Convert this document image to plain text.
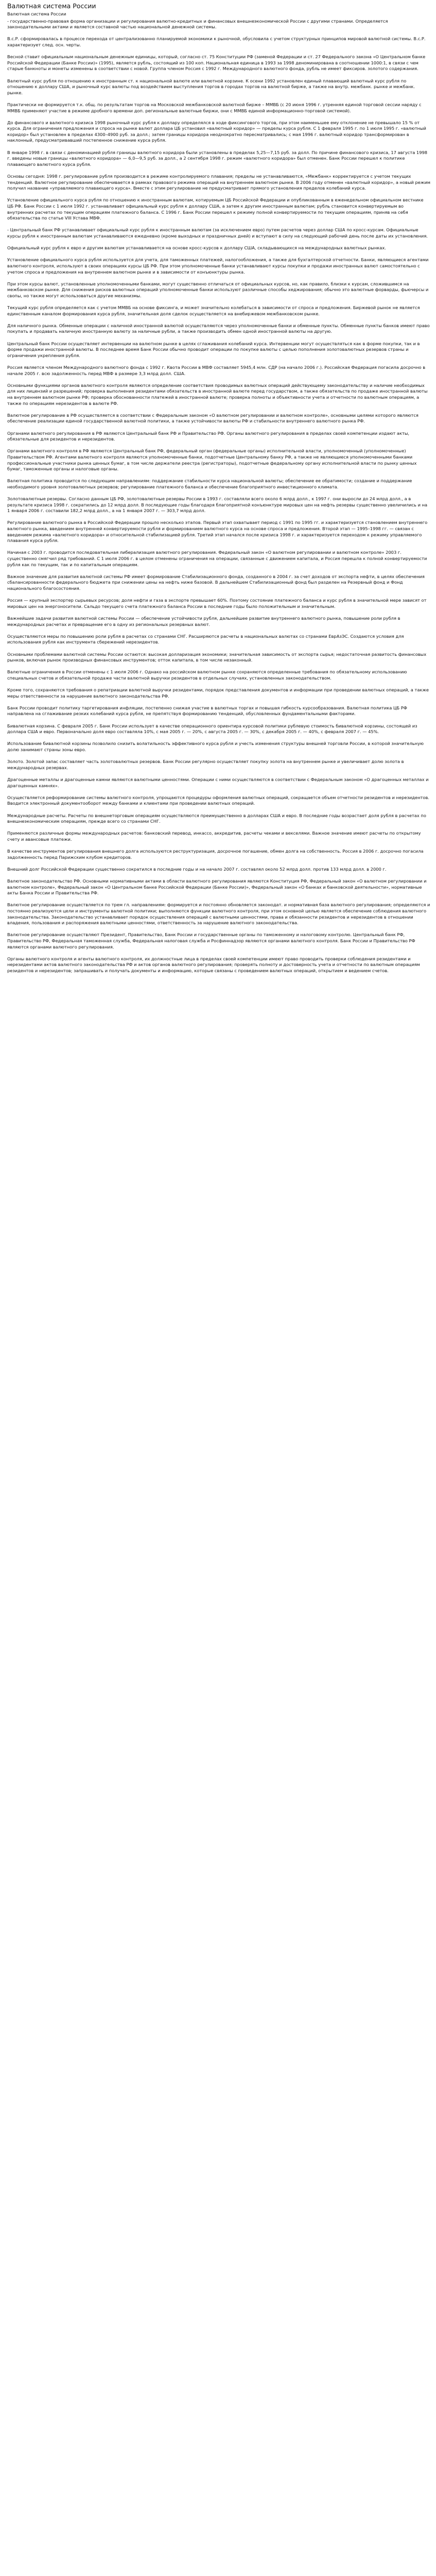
Валютная система России
Валютная система России
- государственно-правовая форма организации и регулирования валютно-кредитных и финансовых внешнеэкономической России с другими странами. Определяется законодательными актами и является составной частью национальной денежной системы.
В.с.Р. сформировалась в процессе перехода от централизованно планируемой экономики к рыночной, обусловила с учетом структурных принципов мировой валютной системы. В.с.Р. характеризует след. осн. черты.
Весной ставит официальным национальным денежным единицы, который, согласно ст. 75 Конституции РФ (заменой Федерации и ст. 27 Федерального закона «О Центральном банке Российской Федерации (Банке России)» (1995), является рубль, состоящий из 100 коп. Национальная единица в 1993 за 1998 деноминирована в соотношении 1000:1, в связи с чем старые банкноты и монеты изменены в соответствии с новой. Группа членом Россия с 1992 г. Международного валютного фонда, рубль не имеет фиксиров. золотого содержания.
Валютный курс рубля по отношению к иностранным ст. к национальной валюте или валютной корзине. К осени 1992 установлен единый плавающий валютный курс рубля по отношению к доллару США, и рыночный курс валюты под воздействием выступления торгов в городах торгов на валютной бирже, а также на внутр. межбанк. рынке и межбанк. рынке.
Практически не формируется т.к. общ. по результатам торгов на Московской межбанковской валютной бирже – ММВБ (с 20 июня 1996 г. утренняя единой торговой сессии наряду с ММВБ применяют участие в режиме дробного времени доп. региональные валютные биржи, они с ММВБ единой информационно-торговой системой).
До финансового и валютного кризиса 1998 рыночный курс рубля к доллару определялся в ходе фиксингового торгов, при этом наименьшее ему отклонение не превышало 15 % от курса. Для ограничения предложения и спроса на рынке валют доллара ЦБ установил «валютный коридор» — пределы курса рубля. С 1 февраля 1995 г. по 1 июля 1995 г. «валютный коридор» был установлен в пределах 4300–4900 руб. за долл.; затем границы коридора неоднократно пересматривались; с мая 1996 г. валютный коридор трансформирован в наклонный, предусматривавший постепенное снижение курса рубля.
В январе 1998 г. в связи с деноминацией рубля границы валютного коридора были установлены в пределах 5,25—7,15 руб. за долл. По причине финансового кризиса, 17 августа 1998 г. введены новые границы «валютного коридора» — 6,0—9,5 руб. за долл., а 2 сентября 1998 г. режим «валютного коридора» был отменен. Банк России перешел к политике плавающего валютного курса рубля.
Основы сегодня: 1998 г. регулирование рубля производится в режиме контролируемого плавания; пределы не устанавливаются, «Межбанк» корректируется с учетом текущих тенденций. Валютное регулирование обеспечивается в рамках правового режима операций на внутреннем валютном рынке. В 2006 году отменен «валютный коридор», а новый режим получил название «управляемого плавающего курса». Вместе с этим регулирование не предусматривает прямого установления пределов колебаний курса.
Установление официального курса рубля по отношению к иностранным валютам, котируемым ЦБ Российской Федерации и опубликованным в еженедельном официальном вестнике ЦБ РФ. Банк России с 1 июля 1992 г. устанавливает официальный курс рубля к доллару США, а затем к другим иностранным валютам; рубль становится конвертируемым во внутренних расчетах по текущим операциям платежного баланса. С 1996 г. Банк России перешел к режиму полной конвертируемости по текущим операциям, приняв на себя обязательства по статье VIII Устава МВФ.
- Центральный банк РФ устанавливает официальный курс рубля к иностранным валютам (за исключением евро) путем расчетов через доллар США по кросс-курсам. Официальные курсы рубля к иностранным валютам устанавливаются ежедневно (кроме выходных и праздничных дней) и вступают в силу на следующий рабочий день после даты их установления.
Официальный курс рубля к евро и другим валютам устанавливается на основе кросс-курсов к доллару США, складывающихся на международных валютных рынках.
Установление официального курса рубля используется для учета, для таможенных платежей, налогообложения, а также для бухгалтерской отчетности. Банки, являющиеся агентами валютного контроля, используют в своих операциях курсы ЦБ РФ. При этом уполномоченные банки устанавливают курсы покупки и продажи иностранных валют самостоятельно с учетом спроса и предложения на внутреннем валютном рынке и в зависимости от конъюнктуры рынка.
При этом курсы валют, установленные уполномоченными банками, могут существенно отличаться от официальных курсов, но, как правило, близки к курсам, сложившимся на межбанковском рынке. Для снижения рисков валютных операций уполномоченные банки используют различные способы хеджирования; обычно это валютные форварды, фьючерсы и свопы, но также могут использоваться другие механизмы.
Текущий курс рубля определяется как с учетом ММВБ на основе фиксинга, и может значительно колебаться в зависимости от спроса и предложения. Биржевой рынок не является единственным каналом формирования курса рубля, значительная доля сделок осуществляется на внебиржевом межбанковском рынке.
Для наличного рынка. Обменные операции с наличной иностранной валютой осуществляются через уполномоченные банки и обменные пункты. Обменные пункты банков имеют право покупать и продавать наличную иностранную валюту за наличные рубли, а также производить обмен одной иностранной валюты на другую.
Центральный банк России осуществляет интервенции на валютном рынке в целях сглаживания колебаний курса. Интервенции могут осуществляться как в форме покупки, так и в форме продажи иностранной валюты. В последнее время Банк России обычно проводит операции по покупке валюты с целью пополнения золотовалютных резервов страны и ограничения укрепления рубля.
Россия является членом Международного валютного фонда с 1992 г. Квота России в МВФ составляет 5945,4 млн. СДР (на начало 2006 г.). Российская Федерация погасила досрочно в начале 2005 г. всю задолженность перед МВФ в размере 3,3 млрд долл. США.
Основными функциями органов валютного контроля являются определение соответствия проводимых валютных операций действующему законодательству и наличие необходимых для них лицензий и разрешений; проверка выполнения резидентами обязательств в иностранной валюте перед государством, а также обязательств по продаже иностранной валюты на внутреннем валютном рынке РФ; проверка обоснованности платежей в иностранной валюте; проверка полноты и объективности учета и отчетности по валютным операциям, а также по операциям нерезидентов в валюте РФ.
Валютное регулирование в РФ осуществляется в соответствии с Федеральным законом «О валютном регулировании и валютном контроле», основными целями которого являются обеспечение реализации единой государственной валютной политики, а также устойчивости валюты РФ и стабильности внутреннего валютного рынка РФ.
Органами валютного регулирования в РФ являются Центральный банк РФ и Правительство РФ. Органы валютного регулирования в пределах своей компетенции издают акты, обязательные для резидентов и нерезидентов.
Органами валютного контроля в РФ являются Центральный банк РФ, федеральный орган (федеральные органы) исполнительной власти, уполномоченный (уполномоченные) Правительством РФ. Агентами валютного контроля являются уполномоченные банки, подотчетные Центральному банку РФ, а также не являющиеся уполномоченными банками профессиональные участники рынка ценных бумаг, в том числе держатели реестра (регистраторы), подотчетные федеральному органу исполнительной власти по рынку ценных бумаг, таможенные органы и налоговые органы.
Валютная политика проводится по следующим направлениям: поддержание стабильности курса национальной валюты; обеспечение ее обратимости; создание и поддержание необходимого уровня золотовалютных резервов; регулирование платежного баланса и обеспечение благоприятного инвестиционного климата.
Золотовалютные резервы. Согласно данным ЦБ РФ, золотовалютные резервы России в 1993 г. составляли всего около 6 млрд долл., к 1997 г. они выросли до 24 млрд долл., а в результате кризиса 1998 г. сократились до 12 млрд долл. В последующие годы благодаря благоприятной конъюнктуре мировых цен на нефть резервы существенно увеличились и на 1 января 2006 г. составили 182,2 млрд долл., а на 1 января 2007 г. — 303,7 млрд долл.
Регулирование валютного рынка в Российской Федерации прошло несколько этапов. Первый этап охватывает период с 1991 по 1995 гг. и характеризуется становлением внутреннего валютного рынка, введением внутренней конвертируемости рубля и формированием валютного курса на основе спроса и предложения. Второй этап — 1995–1998 гг. — связан с введением режима «валютного коридора» и относительной стабилизацией рубля. Третий этап начался после кризиса 1998 г. и характеризуется переходом к режиму управляемого плавания курса рубля.
Начиная с 2003 г. проводится последовательная либерализация валютного регулирования. Федеральный закон «О валютном регулировании и валютном контроле» 2003 г. существенно смягчил ряд требований. С 1 июля 2006 г. в целом отменены ограничения на операции, связанные с движением капитала, и Россия перешла к полной конвертируемости рубля как по текущим, так и по капитальным операциям.
Важное значение для развития валютной системы РФ имеет формирование Стабилизационного фонда, созданного в 2004 г. за счет доходов от экспорта нефти, в целях обеспечения сбалансированности федерального бюджета при снижении цены на нефть ниже базовой. В дальнейшем Стабилизационный фонд был разделен на Резервный фонд и Фонд национального благосостояния.
Россия — крупный экспортер сырьевых ресурсов; доля нефти и газа в экспорте превышает 60%. Поэтому состояние платежного баланса и курс рубля в значительной мере зависят от мировых цен на энергоносители. Сальдо текущего счета платежного баланса России в последние годы было положительным и значительным.
Важнейшие задачи развития валютной системы России — обеспечение устойчивости рубля, дальнейшее развитие внутреннего валютного рынка, повышение роли рубля в международных расчетах и превращение его в одну из региональных резервных валют.
Осуществляются меры по повышению роли рубля в расчетах со странами СНГ. Расширяются расчеты в национальных валютах со странами ЕврАзЭС. Создаются условия для использования рубля как инструмента сбережений нерезидентов.
Основными проблемами валютной системы России остаются: высокая долларизация экономики; значительная зависимость от экспорта сырья; недостаточная развитость финансовых рынков, включая рынок производных финансовых инструментов; отток капитала, в том числе незаконный.
Валютные ограничения в России отменены с 1 июля 2006 г. Однако на российском валютном рынке сохраняются определенные требования по обязательному использованию специальных счетов и обязательной продаже части валютной выручки резидентов в отдельных случаях, установленных законодательством.
Кроме того, сохраняются требования о репатриации валютной выручки резидентами, порядок представления документов и информации при проведении валютных операций, а также меры ответственности за нарушение валютного законодательства РФ.
Банк России проводит политику таргетирования инфляции, постепенно снижая участие в валютных торгах и повышая гибкость курсообразования. Валютная политика ЦБ РФ направлена на сглаживание резких колебаний курса рубля, не препятствуя формированию тенденций, обусловленных фундаментальными факторами.
Бивалютная корзина. С февраля 2005 г. Банк России использует в качестве операционного ориентира курсовой политики рублевую стоимость бивалютной корзины, состоящей из доллара США и евро. Первоначально доля евро составляла 10%, с мая 2005 г. — 20%, с августа 2005 г. — 30%, с декабря 2005 г. — 40%, с февраля 2007 г. — 45%.
Использование бивалютной корзины позволило снизить волатильность эффективного курса рубля и учесть изменения структуры внешней торговли России, в которой значительную долю занимают страны зоны евро.
Золото. Золотой запас составляет часть золотовалютных резервов. Банк России регулярно осуществляет покупку золота на внутреннем рынке и увеличивает долю золота в международных резервах.
Драгоценные металлы и драгоценные камни являются валютными ценностями. Операции с ними осуществляются в соответствии с Федеральным законом «О драгоценных металлах и драгоценных камнях».
Осуществляется реформирование системы валютного контроля, упрощаются процедуры оформления валютных операций, сокращается объем отчетности резидентов и нерезидентов. Вводится электронный документооборот между банками и клиентами при проведении валютных операций.
Международные расчеты. Расчеты по внешнеторговым операциям осуществляются преимущественно в долларах США и евро. В последние годы возрастает доля рубля в расчетах по внешнеэкономическим операциям, прежде всего со странами СНГ.
Применяются различные формы международных расчетов: банковский перевод, инкассо, аккредитив, расчеты чеками и векселями. Важное значение имеют расчеты по открытому счету и авансовые платежи.
В качестве инструментов регулирования внешнего долга используются реструктуризация, досрочное погашение, обмен долга на собственность. Россия в 2006 г. досрочно погасила задолженность перед Парижским клубом кредиторов.
Внешний долг Российской Федерации существенно сократился в последние годы и на начало 2007 г. составлял около 52 млрд долл. против 133 млрд долл. в 2000 г.
Валютное законодательство РФ. Основными нормативными актами в области валютного регулирования являются Конституция РФ, Федеральный закон «О валютном регулировании и валютном контроле», Федеральный закон «О Центральном банке Российской Федерации (Банке России)», Федеральный закон «О банках и банковской деятельности», нормативные акты Банка России и Правительства РФ.
Валютное регулирование осуществляется по трем гл. направлениям: формируется и постоянно обновляется законодат. и нормативная база валютного регулирования; определяются и постоянно реализуются цели и инструменты валютной политики; выполняются функции валютного контроля, при этом основной целью является обеспечение соблюдения валютного законодательства. Законодательство устанавливает порядок осуществления операций с валютными ценностями, права и обязанности резидентов и нерезидентов в отношении владения, пользования и распоряжения валютными ценностями, ответственность за нарушение валютного законодательства.
Валютное регулирование осуществляют Президент, Правительство, Банк России и государственные органы по таможенному и налоговому контролю. Центральный банк РФ, Правительство РФ, Федеральная таможенная служба, Федеральная налоговая служба и Росфиннадзор являются органами валютного контроля. Банк России и Правительство РФ являются органами валютного регулирования.
Органы валютного контроля и агенты валютного контроля, их должностные лица в пределах своей компетенции имеют право проводить проверки соблюдения резидентами и нерезидентами актов валютного законодательства РФ и актов органов валютного регулирования; проверять полноту и достоверность учета и отчетности по валютным операциям резидентов и нерезидентов; запрашивать и получать документы и информацию, которые связаны с проведением валютных операций, открытием и ведением счетов.
